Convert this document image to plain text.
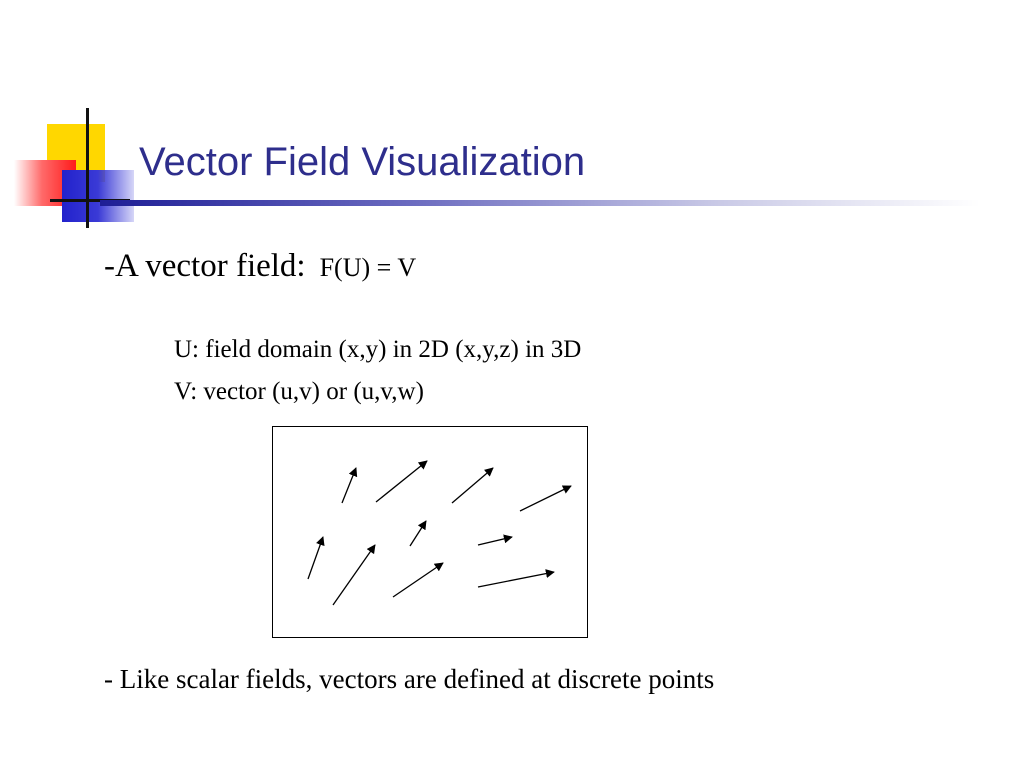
Vector Field Visualization
-A vector field: F(U) = V
U: field domain (x,y) in 2D (x,y,z) in 3D
V: vector (u,v) or (u,v,w)
- Like scalar fields, vectors are defined at discrete points
